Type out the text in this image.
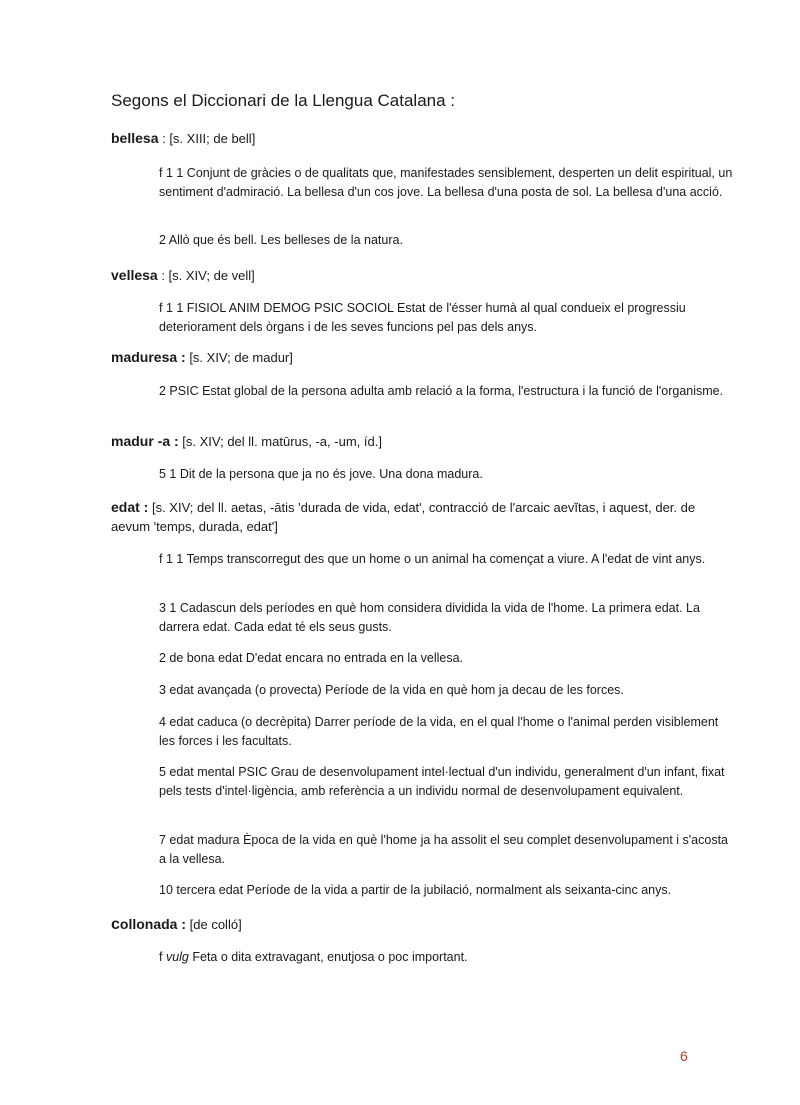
Segons el Diccionari de la Llengua Catalana :

bellesa : [s. XIII; de bell]

f 1 1 Conjunt de gràcies o de qualitats que, manifestades sensiblement, desperten un delit espiritual, un sentiment d'admiració. La bellesa d'un cos jove. La bellesa d'una posta de sol. La bellesa d'una acció.

2 Allò que és bell. Les belleses de la natura.

vellesa : [s. XIV; de vell]

f 1 1 FISIOL ANIM DEMOG PSIC SOCIOL Estat de l'ésser humà al qual condueix el progressiu deteriorament dels òrgans i de les seves funcions pel pas dels anys.

maduresa : [s. XIV; de madur]

2 PSIC Estat global de la persona adulta amb relació a la forma, l'estructura i la funció de l'organisme.

madur -a : [s. XIV; del ll. matūrus, -a, -um, íd.]

5 1 Dit de la persona que ja no és jove. Una dona madura.

edat : [s. XIV; del ll. aetas, -ātis 'durada de vida, edat', contracció de l'arcaic aevĭtas, i aquest, der. de aevum 'temps, durada, edat']

f 1 1 Temps transcorregut des que un home o un animal ha començat a viure. A l'edat de vint anys.

3 1 Cadascun dels períodes en què hom considera dividida la vida de l'home. La primera edat. La darrera edat. Cada edat té els seus gusts.

2 de bona edat D'edat encara no entrada en la vellesa.

3 edat avançada (o provecta) Període de la vida en què hom ja decau de les forces.

4 edat caduca (o decrèpita) Darrer període de la vida, en el qual l'home o l'animal perden visiblement les forces i les facultats.

5 edat mental PSIC Grau de desenvolupament intel·lectual d'un individu, generalment d'un infant, fixat pels tests d'intel·ligència, amb referència a un individu normal de desenvolupament equivalent.

7 edat madura Època de la vida en què l'home ja ha assolit el seu complet desenvolupament i s'acosta a la vellesa.

10 tercera edat Període de la vida a partir de la jubilació, normalment als seixanta-cinc anys.

collonada : [de colló]

f vulg Feta o dita extravagant, enutjosa o poc important.

6
